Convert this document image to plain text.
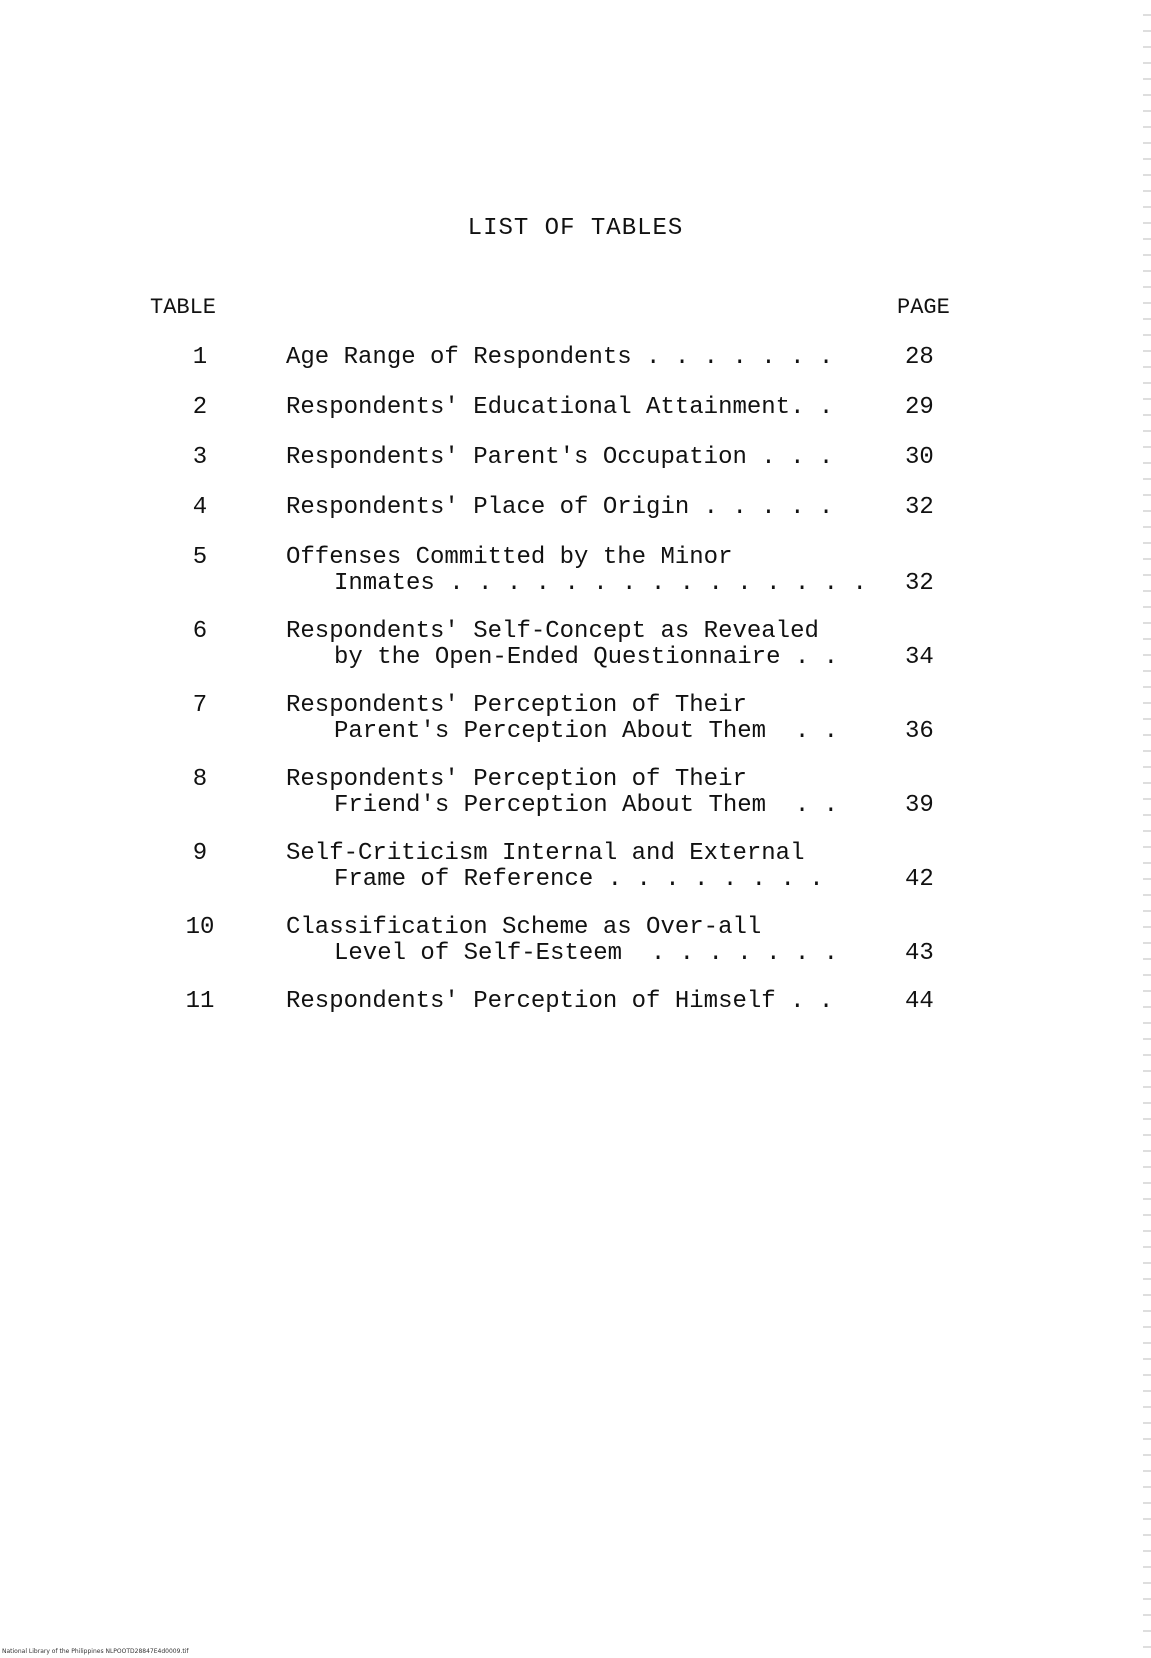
LIST OF TABLES
TABLE	PAGE
1	Age Range of Respondents . . . . . . .	28
2	Respondents' Educational Attainment. .	29
3	Respondents' Parent's Occupation . . .	30
4	Respondents' Place of Origin . . . . .	32
5	Offenses Committed by the Minor
Inmates . . . . . . . . . . . . . . .	32
6	Respondents' Self-Concept as Revealed
by the Open-Ended Questionnaire . .	34
7	Respondents' Perception of Their
Parent's Perception About Them  . .	36
8	Respondents' Perception of Their
Friend's Perception About Them  . .	39
9	Self-Criticism Internal and External
Frame of Reference . . . . . . . .	42
10	Classification Scheme as Over-all
Level of Self-Esteem  . . . . . . .	43
11	Respondents' Perception of Himself . .	44
National Library of the Philippines NLPOOTD28847E4d0009.tif
